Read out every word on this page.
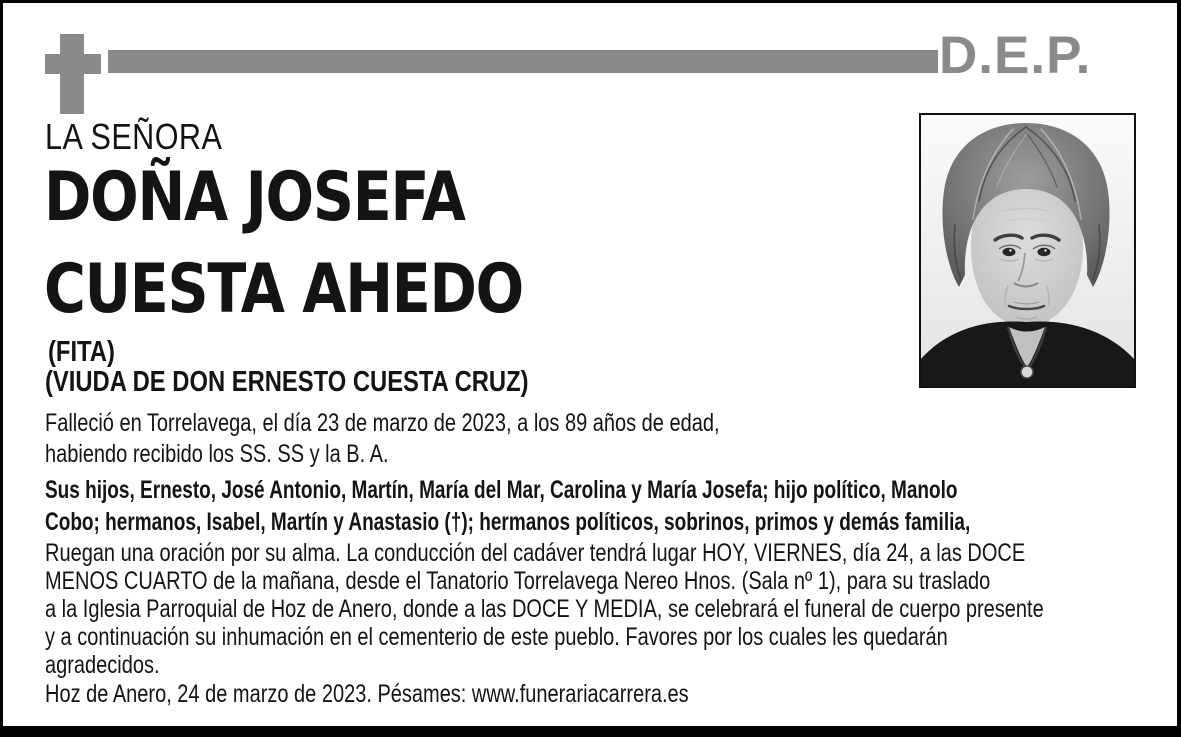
D.E.P.
LA SEÑORA
DOÑA JOSEFA
CUESTA AHEDO
(FITA)
(VIUDA DE DON ERNESTO CUESTA CRUZ)
Falleció en Torrelavega, el día 23 de marzo de 2023, a los 89 años de edad,
habiendo recibido los SS. SS y la B. A.
Sus hijos, Ernesto, José Antonio, Martín, María del Mar, Carolina y María Josefa; hijo político, Manolo
Cobo; hermanos, Isabel, Martín y Anastasio (†); hermanos políticos, sobrinos, primos y demás familia,
Ruegan una oración por su alma. La conducción del cadáver tendrá lugar HOY, VIERNES, día 24, a las DOCE
MENOS CUARTO de la mañana, desde el Tanatorio Torrelavega Nereo Hnos. (Sala nº 1), para su traslado
a la Iglesia Parroquial de Hoz de Anero, donde a las DOCE Y MEDIA, se celebrará el funeral de cuerpo presente
y a continuación su inhumación en el cementerio de este pueblo. Favores por los cuales les quedarán
agradecidos.
Hoz de Anero, 24 de marzo de 2023. Pésames: www.funerariacarrera.es
